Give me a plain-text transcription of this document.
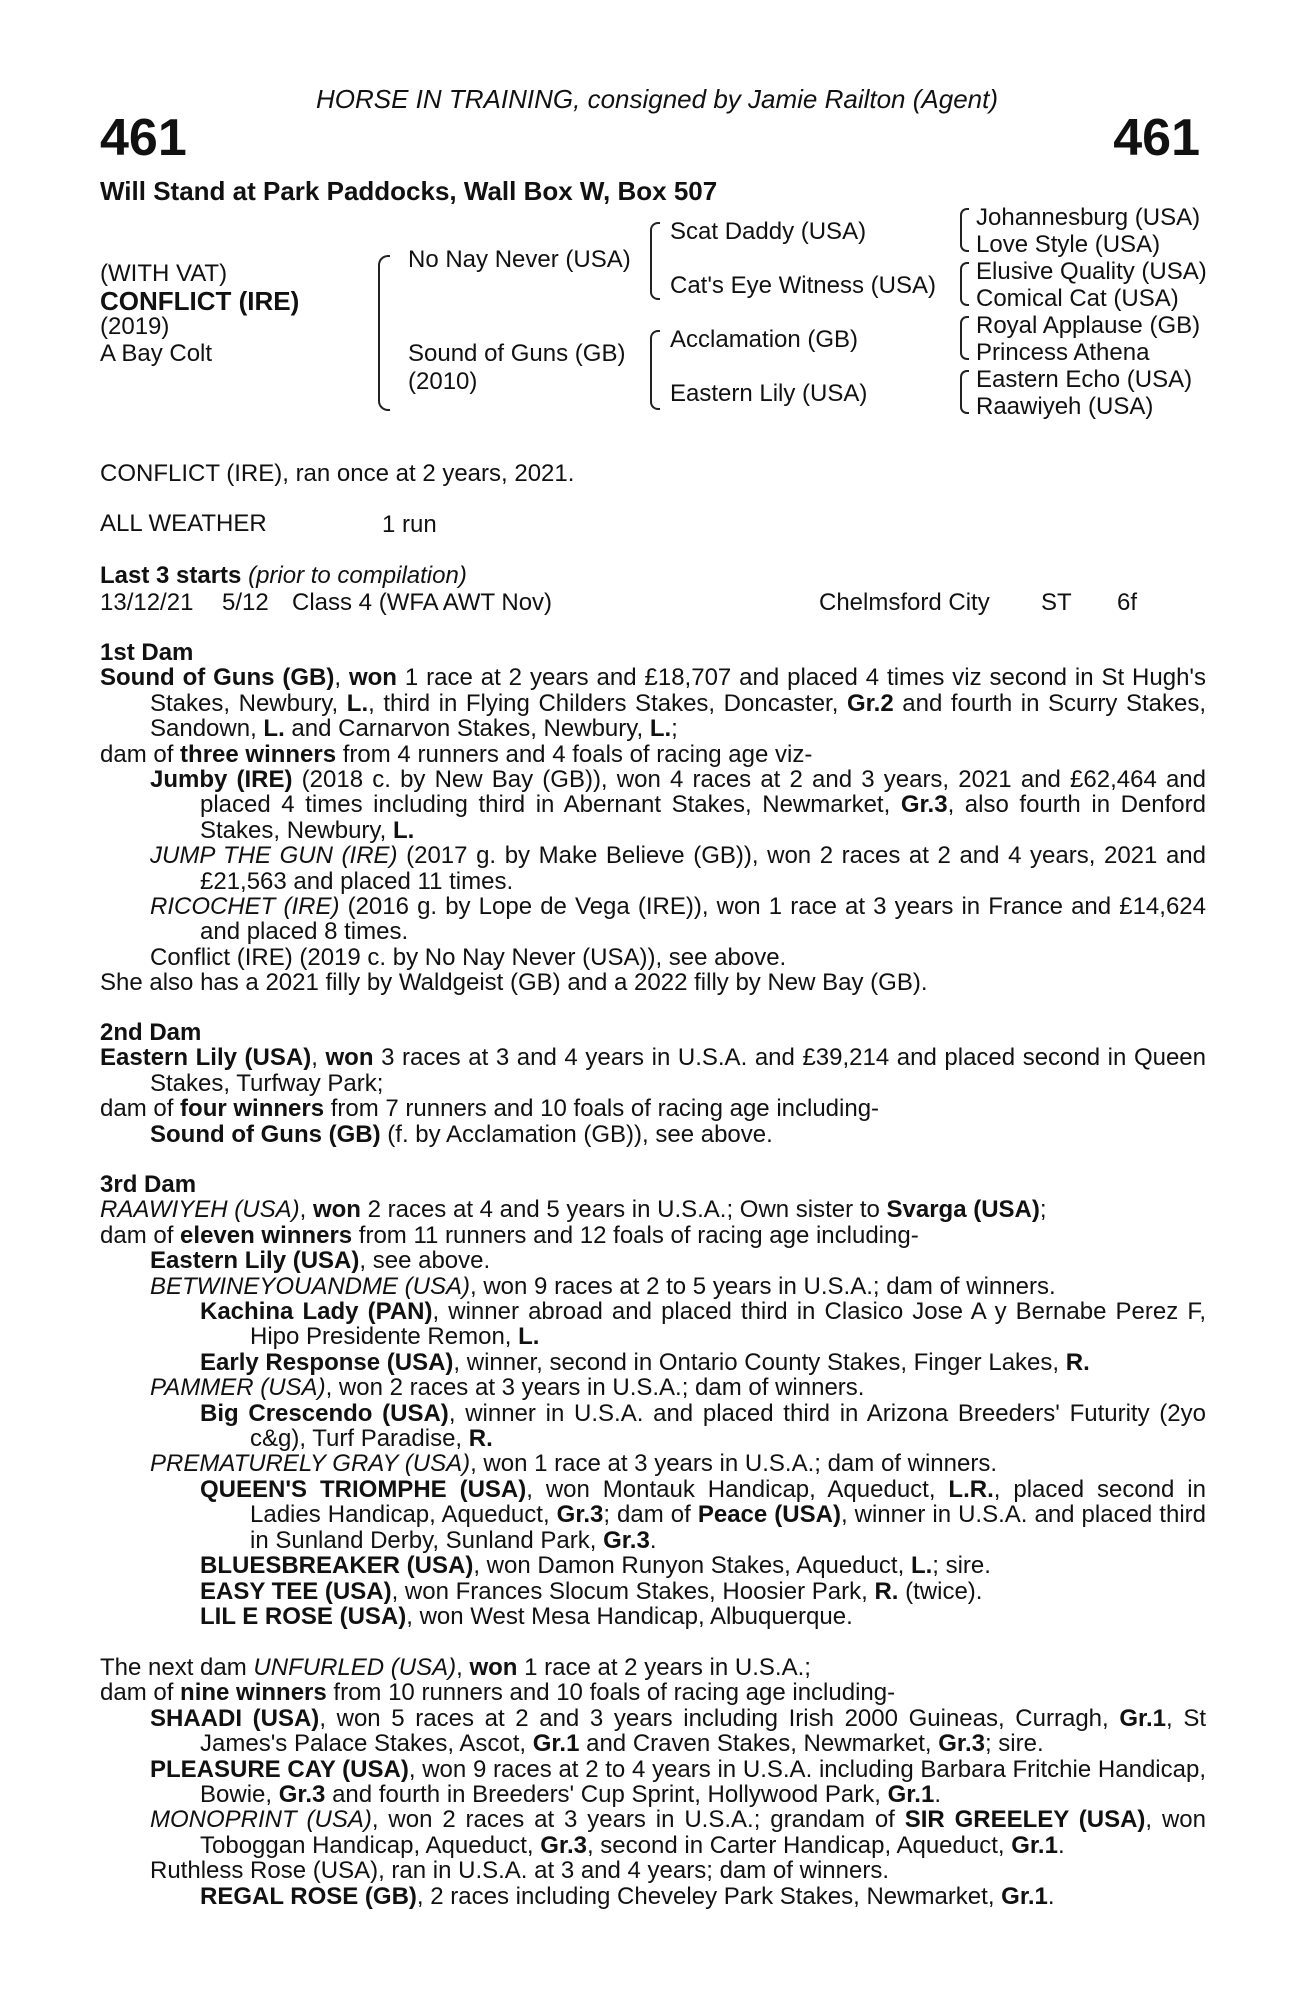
HORSE IN TRAINING, consigned by Jamie Railton (Agent)
461	461
Will Stand at Park Paddocks, Wall Box W, Box 507
(WITH VAT)
CONFLICT (IRE)
(2019)
A Bay Colt
No Nay Never (USA)
Sound of Guns (GB)
(2010)
Scat Daddy (USA)
Cat's Eye Witness (USA)
Acclamation (GB)
Eastern Lily (USA)
Johannesburg (USA)
Love Style (USA)
Elusive Quality (USA)
Comical Cat (USA)
Royal Applause (GB)
Princess Athena
Eastern Echo (USA)
Raawiyeh (USA)
CONFLICT (IRE), ran once at 2 years, 2021.
ALL WEATHER	1 run
Last 3 starts (prior to compilation)
13/12/21 5/12 Class 4 (WFA AWT Nov)	Chelmsford City ST 6f

1st Dam

Sound of Guns (GB), won 1 race at 2 years and £18,707 and placed 4 times viz second in St Hugh's Stakes, Newbury, L., third in Flying Childers Stakes, Doncaster, Gr.2 and fourth in Scurry Stakes, Sandown, L. and Carnarvon Stakes, Newbury, L.;

dam of three winners from 4 runners and 4 foals of racing age viz-

Jumby (IRE) (2018 c. by New Bay (GB)), won 4 races at 2 and 3 years, 2021 and £62,464 and placed 4 times including third in Abernant Stakes, Newmarket, Gr.3, also fourth in Denford Stakes, Newbury, L.

JUMP THE GUN (IRE) (2017 g. by Make Believe (GB)), won 2 races at 2 and 4 years, 2021 and £21,563 and placed 11 times.

RICOCHET (IRE) (2016 g. by Lope de Vega (IRE)), won 1 race at 3 years in France and £14,624 and placed 8 times.

Conflict (IRE) (2019 c. by No Nay Never (USA)), see above.

She also has a 2021 filly by Waldgeist (GB) and a 2022 filly by New Bay (GB).

2nd Dam

Eastern Lily (USA), won 3 races at 3 and 4 years in U.S.A. and £39,214 and placed second in Queen Stakes, Turfway Park;

dam of four winners from 7 runners and 10 foals of racing age including-

Sound of Guns (GB) (f. by Acclamation (GB)), see above.

3rd Dam

RAAWIYEH (USA), won 2 races at 4 and 5 years in U.S.A.; Own sister to Svarga (USA);

dam of eleven winners from 11 runners and 12 foals of racing age including-

Eastern Lily (USA), see above.

BETWINEYOUANDME (USA), won 9 races at 2 to 5 years in U.S.A.; dam of winners.

Kachina Lady (PAN), winner abroad and placed third in Clasico Jose A y Bernabe Perez F, Hipo Presidente Remon, L.

Early Response (USA), winner, second in Ontario County Stakes, Finger Lakes, R.

PAMMER (USA), won 2 races at 3 years in U.S.A.; dam of winners.

Big Crescendo (USA), winner in U.S.A. and placed third in Arizona Breeders' Futurity (2yo c&g), Turf Paradise, R.

PREMATURELY GRAY (USA), won 1 race at 3 years in U.S.A.; dam of winners.

QUEEN'S TRIOMPHE (USA), won Montauk Handicap, Aqueduct, L.R., placed second in Ladies Handicap, Aqueduct, Gr.3; dam of Peace (USA), winner in U.S.A. and placed third in Sunland Derby, Sunland Park, Gr.3.

BLUESBREAKER (USA), won Damon Runyon Stakes, Aqueduct, L.; sire.

EASY TEE (USA), won Frances Slocum Stakes, Hoosier Park, R. (twice).

LIL E ROSE (USA), won West Mesa Handicap, Albuquerque.

The next dam UNFURLED (USA), won 1 race at 2 years in U.S.A.;

dam of nine winners from 10 runners and 10 foals of racing age including-

SHAADI (USA), won 5 races at 2 and 3 years including Irish 2000 Guineas, Curragh, Gr.1, St James's Palace Stakes, Ascot, Gr.1 and Craven Stakes, Newmarket, Gr.3; sire.

PLEASURE CAY (USA), won 9 races at 2 to 4 years in U.S.A. including Barbara Fritchie Handicap, Bowie, Gr.3 and fourth in Breeders' Cup Sprint, Hollywood Park, Gr.1.

MONOPRINT (USA), won 2 races at 3 years in U.S.A.; grandam of SIR GREELEY (USA), won Toboggan Handicap, Aqueduct, Gr.3, second in Carter Handicap, Aqueduct, Gr.1.

Ruthless Rose (USA), ran in U.S.A. at 3 and 4 years; dam of winners.

REGAL ROSE (GB), 2 races including Cheveley Park Stakes, Newmarket, Gr.1.
